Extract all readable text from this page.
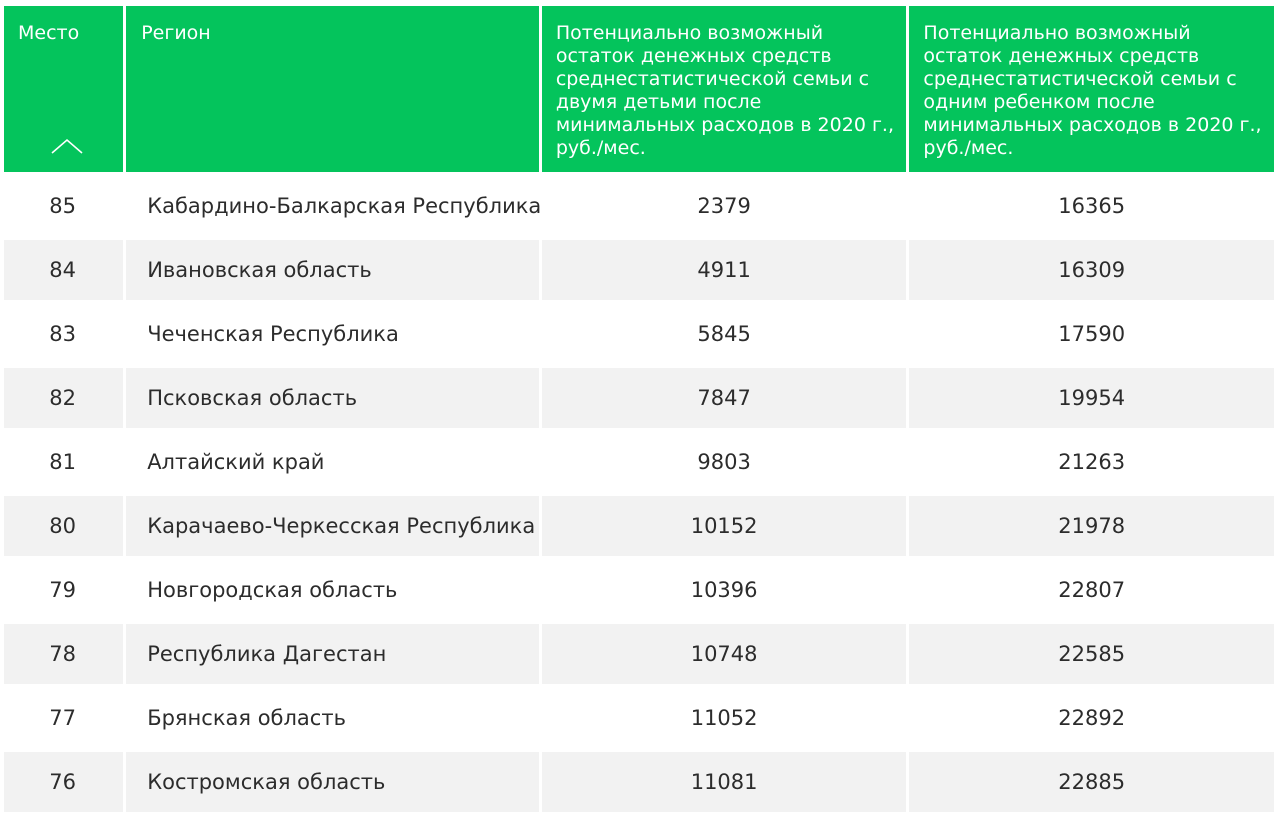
Место	Регион	Потенциально возможный остаток денежных средств среднестатистической семьи с двумя детьми после минимальных расходов в 2020 г., руб./мес.	Потенциально возможный остаток денежных средств среднестатистической семьи с одним ребенком после минимальных расходов в 2020 г., руб./мес.
85	Кабардино-Балкарская Республика	2379	16365
84	Ивановская область	4911	16309
83	Чеченская Республика	5845	17590
82	Псковская область	7847	19954
81	Алтайский край	9803	21263
80	Карачаево-Черкесская Республика	10152	21978
79	Новгородская область	10396	22807
78	Республика Дагестан	10748	22585
77	Брянская область	11052	22892
76	Костромская область	11081	22885
